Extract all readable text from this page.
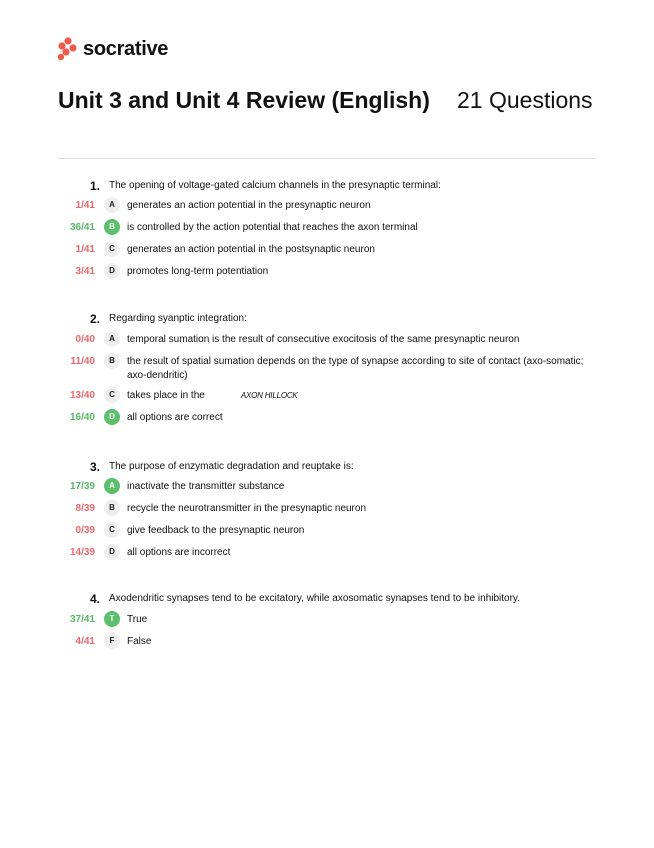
socrative
Unit 3 and Unit 4 Review (English)	21 Questions
1. The opening of voltage-gated calcium channels in the presynaptic terminal:
1/41	A	generates an action potential in the presynaptic neuron
36/41	B	is controlled by the action potential that reaches the axon terminal
1/41	C	generates an action potential in the postsynaptic neuron
3/41	D	promotes long-term potentiation
2. Regarding syanptic integration:
0/40	A	temporal sumation is the result of consecutive exocitosis of the same presynaptic neuron
11/40	B	the result of spatial sumation depends on the type of synapse according to site of contact (axo-somatic; axo-dendritic)
13/40	C	takes place in the	AXON HILLOCK
16/40	D	all options are correct
3. The purpose of enzymatic degradation and reuptake is:
17/39	A	inactivate the transmitter substance
8/39	B	recycle the neurotransmitter in the presynaptic neuron
0/39	C	give feedback to the presynaptic neuron
14/39	D	all options are incorrect
4. Axodendritic synapses tend to be excitatory, while axosomatic synapses tend to be inhibitory.
37/41	T	True
4/41	F	False
